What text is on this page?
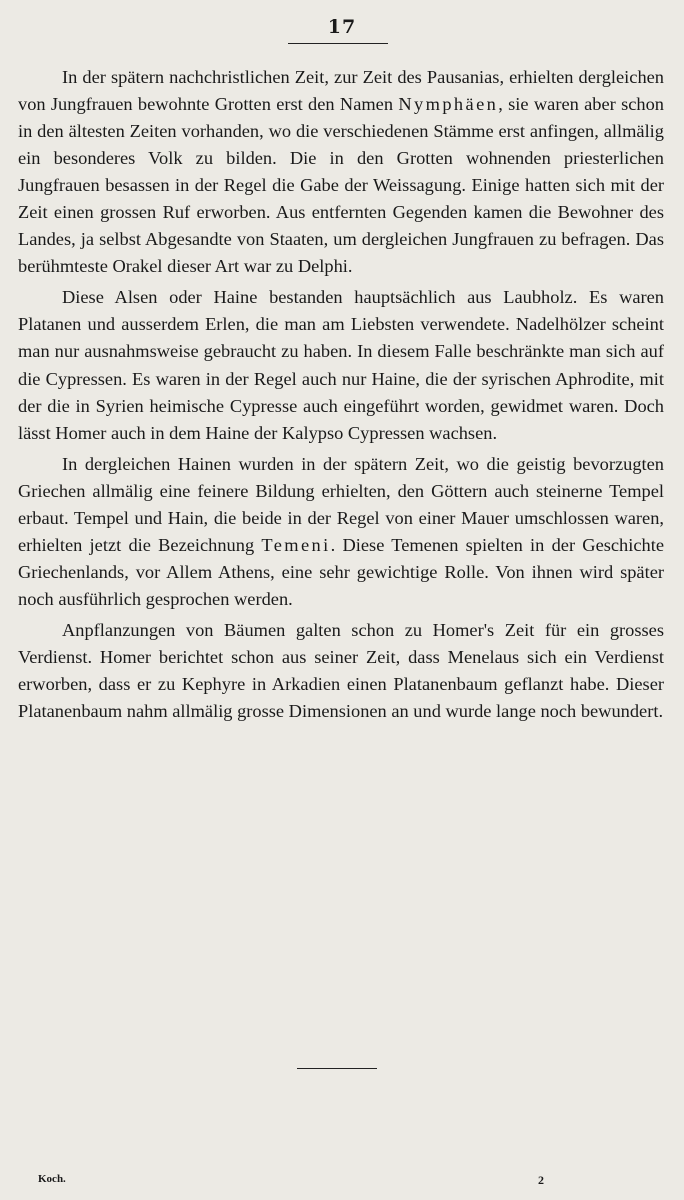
17

In der spätern nachchristlichen Zeit, zur Zeit des Pausanias, erhielten dergleichen von Jungfrauen bewohnte Grotten erst den Namen Nymphäen, sie waren aber schon in den ältesten Zeiten vorhanden, wo die verschiedenen Stämme erst anfingen, allmälig ein besonderes Volk zu bilden. Die in den Grotten wohnenden priesterlichen Jungfrauen besassen in der Regel die Gabe der Weissagung. Einige hatten sich mit der Zeit einen grossen Ruf erworben. Aus entfernten Gegenden kamen die Bewohner des Landes, ja selbst Abgesandte von Staaten, um dergleichen Jungfrauen zu befragen. Das berühmteste Orakel dieser Art war zu Delphi.

Diese Alsen oder Haine bestanden hauptsächlich aus Laubholz. Es waren Platanen und ausserdem Erlen, die man am Liebsten verwendete. Nadelhölzer scheint man nur ausnahmsweise gebraucht zu haben. In diesem Falle beschränkte man sich auf die Cypressen. Es waren in der Regel auch nur Haine, die der syrischen Aphrodite, mit der die in Syrien heimische Cypresse auch eingeführt worden, gewidmet waren. Doch lässt Homer auch in dem Haine der Kalypso Cypressen wachsen.

In dergleichen Hainen wurden in der spätern Zeit, wo die geistig bevorzugten Griechen allmälig eine feinere Bildung erhielten, den Göttern auch steinerne Tempel erbaut. Tempel und Hain, die beide in der Regel von einer Mauer umschlossen waren, erhielten jetzt die Bezeichnung Temeni. Diese Temenen spielten in der Geschichte Griechenlands, vor Allem Athens, eine sehr gewichtige Rolle. Von ihnen wird später noch ausführlich gesprochen werden.

Anpflanzungen von Bäumen galten schon zu Homer's Zeit für ein grosses Verdienst. Homer berichtet schon aus seiner Zeit, dass Menelaus sich ein Verdienst erworben, dass er zu Kephyre in Arkadien einen Platanenbaum geflanzt habe. Dieser Platanenbaum nahm allmälig grosse Dimensionen an und wurde lange noch bewundert.

Koch.	2
